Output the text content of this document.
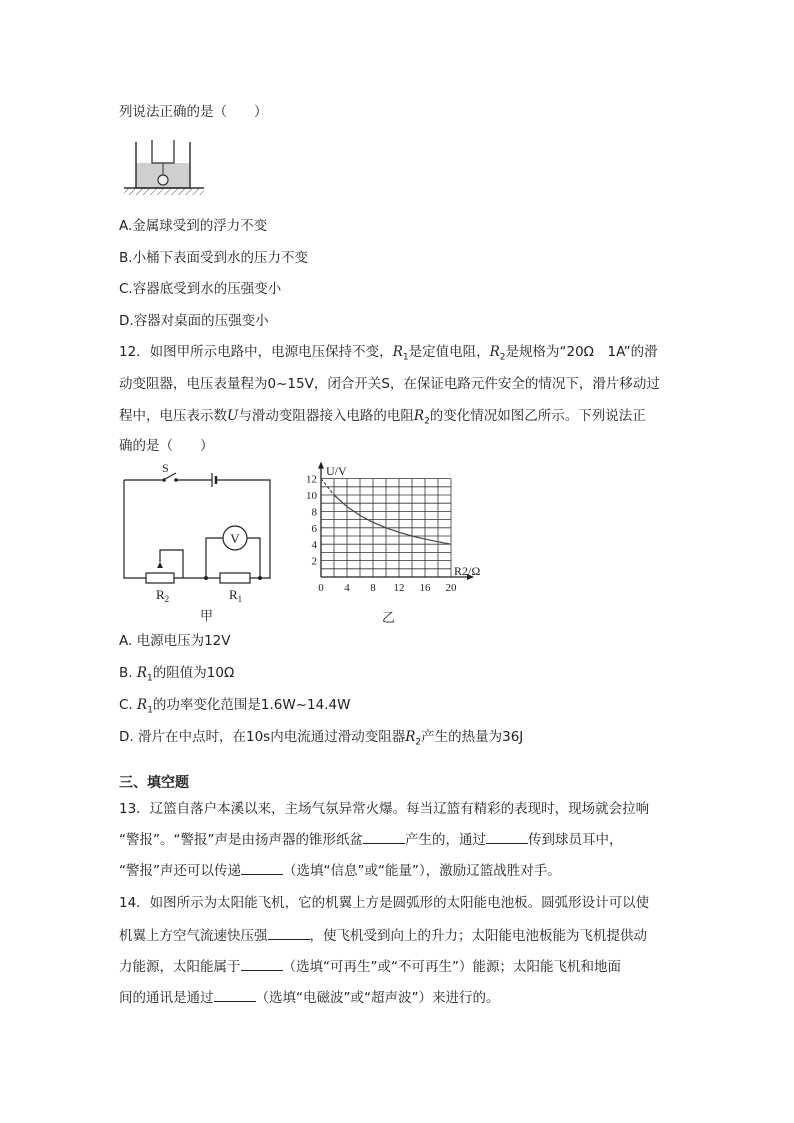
列说法正确的是（　　）
A.金属球受到的浮力不变
B.小桶下表面受到水的压力不变
C.容器底受到水的压强变小
D.容器对桌面的压强变小
12．如图甲所示电路中，电源电压保持不变，$R_1$是定值电阻，$R_2$是规格为“20Ω　1A”的滑
动变阻器，电压表量程为0~15V，闭合开关S，在保证电路元件安全的情况下，滑片移动过
程中，电压表示数U与滑动变阻器接入电路的电阻$R_2$的变化情况如图乙所示。下列说法正
确的是（　　）
S
V
$R_2$	$R_1$
甲
0 4 8 12 16 20
2
4
6
8
10
12
U/V
R2/Ω
乙
A. 电源电压为12V
B. $R_1$的阻值为10Ω
C. $R_1$的功率变化范围是1.6W~14.4W
D. 滑片在中点时，在10s内电流通过滑动变阻器$R_2$产生的热量为36J
三、填空题
13．辽篮自落户本溪以来，主场气氛异常火爆。每当辽篮有精彩的表现时，现场就会拉响
“警报”。“警报”声是由扬声器的锥形纸盆	产生的，通过	传到球员耳中，
“警报”声还可以传递	（选填“信息”或“能量”），激励辽篮战胜对手。
14．如图所示为太阳能飞机，它的机翼上方是圆弧形的太阳能电池板。圆弧形设计可以使
机翼上方空气流速快压强	，使飞机受到向上的升力；太阳能电池板能为飞机提供动
力能源，太阳能属于	（选填“可再生”或“不可再生”）能源；太阳能飞机和地面
间的通讯是通过	（选填“电磁波”或“超声波”）来进行的。
